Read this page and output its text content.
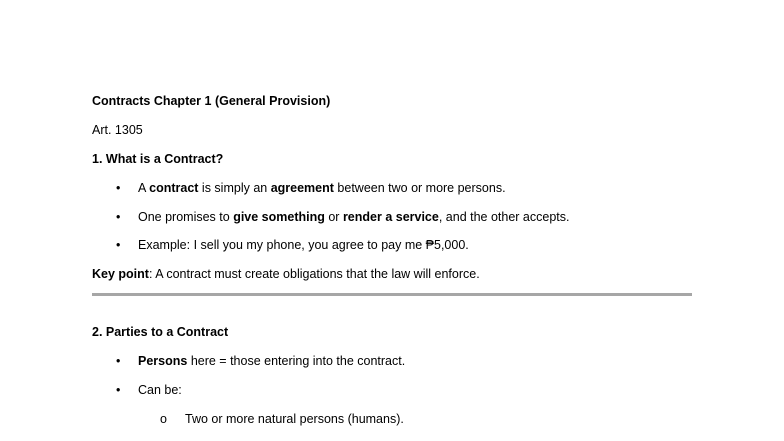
Contracts Chapter 1 (General Provision)
Art. 1305
1. What is a Contract?
•	A contract is simply an agreement between two or more persons.
•	One promises to give something or render a service, and the other accepts.
•	Example: I sell you my phone, you agree to pay me ₱5,000.
Key point: A contract must create obligations that the law will enforce.
2. Parties to a Contract
•	Persons here = those entering into the contract.
•	Can be:
o Two or more natural persons (humans).
